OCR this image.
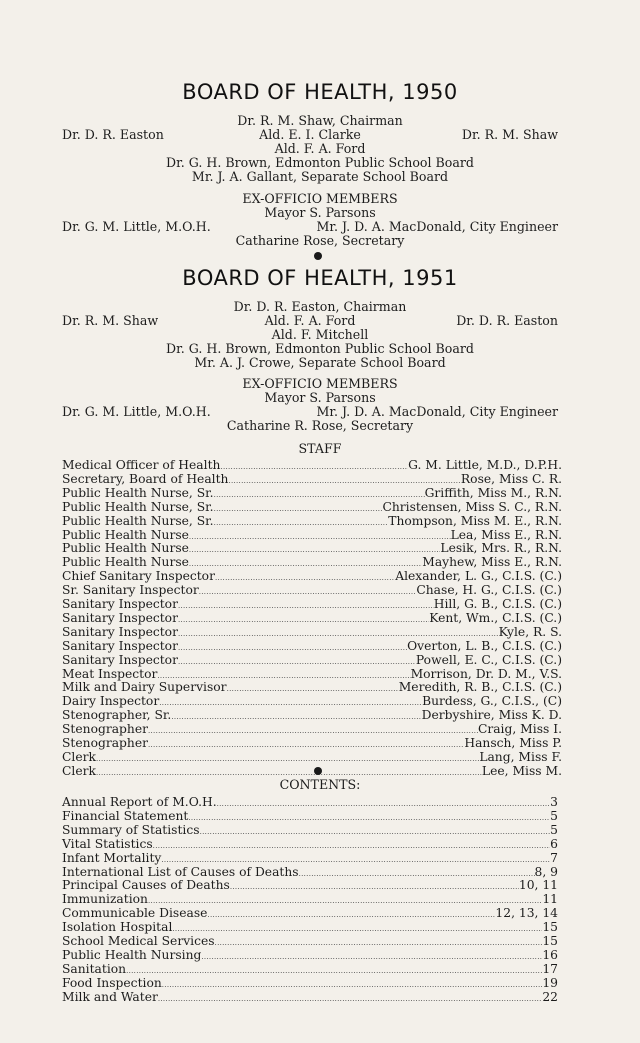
BOARD OF HEALTH, 1950
Dr. R. M. Shaw, Chairman
Dr. D. R. Easton	Ald. E. I. Clarke	Dr. R. M. Shaw
Ald. F. A. Ford
Dr. G. H. Brown, Edmonton Public School Board
Mr. J. A. Gallant, Separate School Board
EX-OFFICIO MEMBERS
Mayor S. Parsons
Dr. G. M. Little, M.O.H.	Mr. J. D. A. MacDonald, City Engineer
Catharine Rose, Secretary
BOARD OF HEALTH, 1951
Dr. D. R. Easton, Chairman
Dr. R. M. Shaw	Ald. F. A. Ford	Dr. D. R. Easton
Ald. F. Mitchell
Dr. G. H. Brown, Edmonton Public School Board
Mr. A. J. Crowe, Separate School Board
EX-OFFICIO MEMBERS
Mayor S. Parsons
Dr. G. M. Little, M.O.H.	Mr. J. D. A. MacDonald, City Engineer
Catharine R. Rose, Secretary
STAFF
Medical Officer of Health .....	G. M. Little, M.D., D.P.H.
Secretary, Board of Health .....	Rose, Miss C. R.
Public Health Nurse, Sr. .....	Griffith, Miss M., R.N.
Public Health Nurse, Sr. .....	Christensen, Miss S. C., R.N.
Public Health Nurse, Sr. .....	Thompson, Miss M. E., R.N.
Public Health Nurse .....	Lea, Miss E., R.N.
Public Health Nurse .....	Lesik, Mrs. R., R.N.
Public Health Nurse .....	Mayhew, Miss E., R.N.
Chief Sanitary Inspector .....	Alexander, L. G., C.I.S. (C.)
Sr. Sanitary Inspector .....	Chase, H. G., C.I.S. (C.)
Sanitary Inspector .....	Hill, G. B., C.I.S. (C.)
Sanitary Inspector .....	Kent, Wm., C.I.S. (C.)
Sanitary Inspector .....	Kyle, R. S.
Sanitary Inspector .....	Overton, L. B., C.I.S. (C.)
Sanitary Inspector .....	Powell, E. C., C.I.S. (C.)
Meat Inspector .....	Morrison, Dr. D. M., V.S.
Milk and Dairy Supervisor .....	Meredith, R. B., C.I.S. (C.)
Dairy Inspector .....	Burdess, G., C.I.S., (C)
Stenographer, Sr. .....	Derbyshire, Miss K. D.
Stenographer .....	Craig, Miss I.
Stenographer .....	Hansch, Miss P.
Clerk .....	Lang, Miss F.
Clerk .....	Lee, Miss M.
CONTENTS:
Annual Report of M.O.H. .....	3
Financial Statement .....	5
Summary of Statistics .....	5
Vital Statistics .....	6
Infant Mortality .....	7
International List of Causes of Deaths .....	8, 9
Principal Causes of Deaths .....	10, 11
Immunization .....	11
Communicable Disease .....	12, 13, 14
Isolation Hospital .....	15
School Medical Services .....	15
Public Health Nursing .....	16
Sanitation .....	17
Food Inspection .....	19
Milk and Water .....	22
